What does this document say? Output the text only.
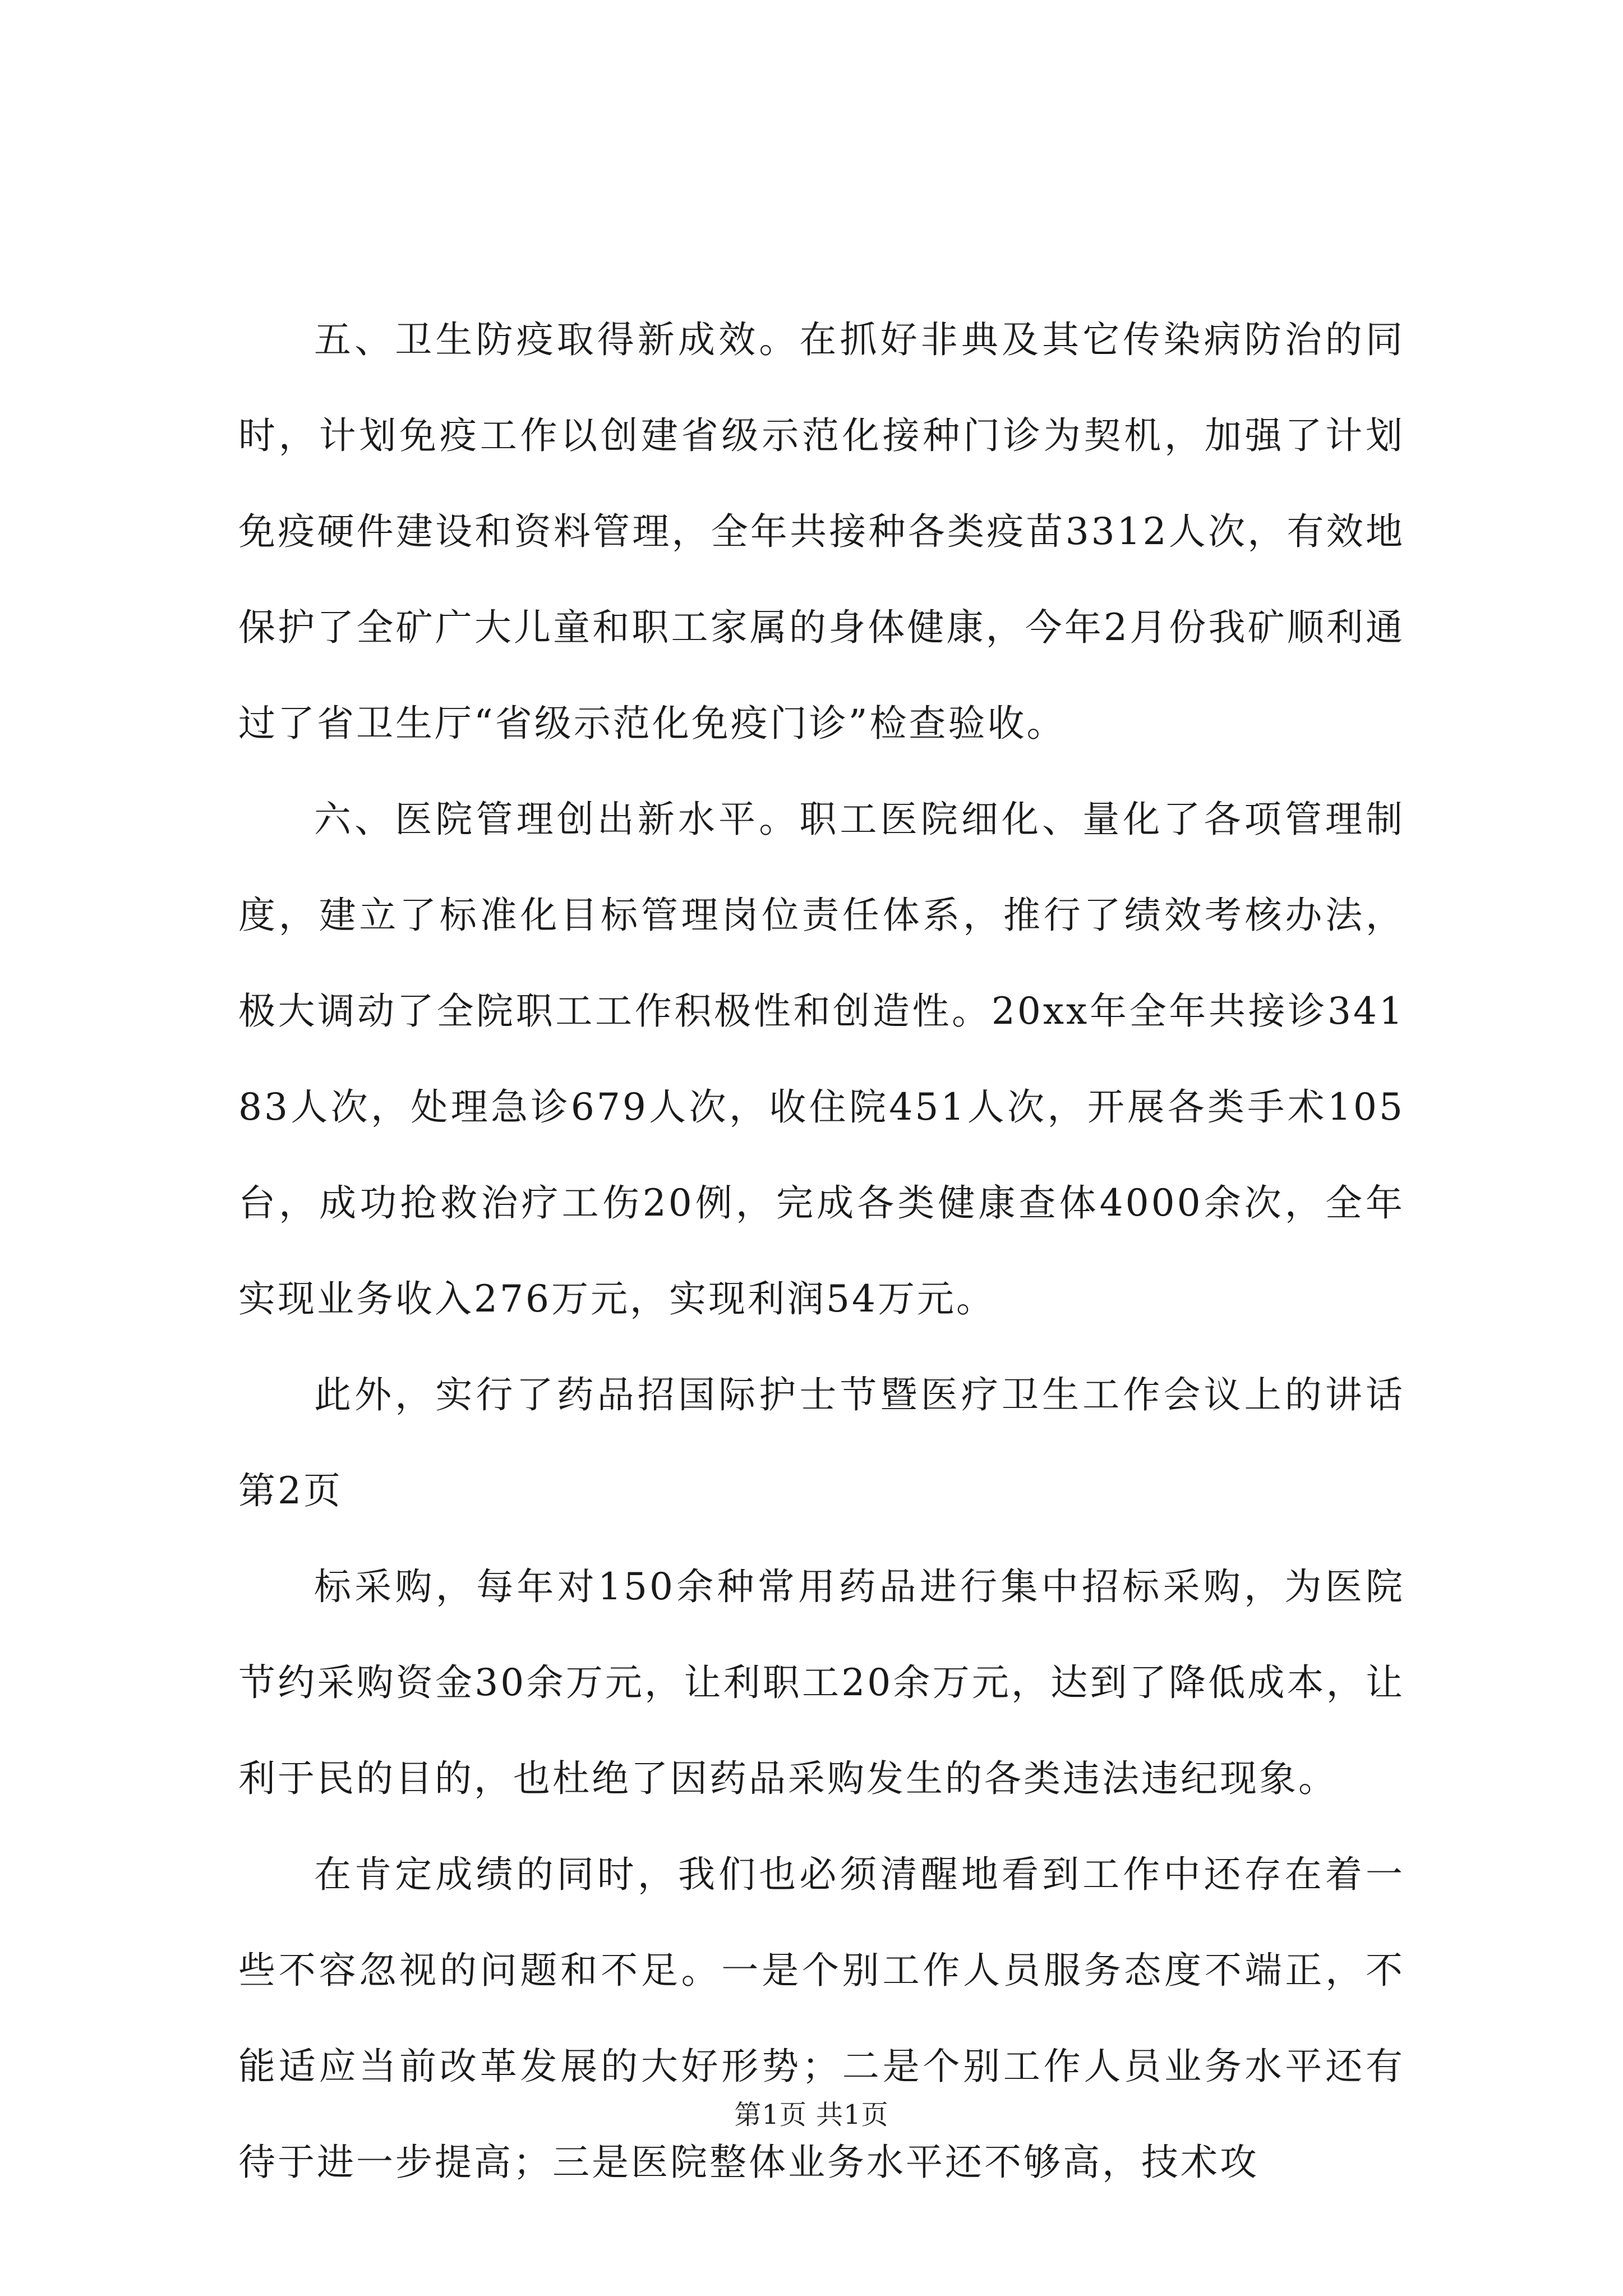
五、卫生防疫取得新成效。在抓好非典及其它传染病防治的同时，计划免疫工作以创建省级示范化接种门诊为契机，加强了计划免疫硬件建设和资料管理，全年共接种各类疫苗3312人次，有效地保护了全矿广大儿童和职工家属的身体健康，今年2月份我矿顺利通过了省卫生厅“省级示范化免疫门诊”检查验收。

六、医院管理创出新水平。职工医院细化、量化了各项管理制度，建立了标准化目标管理岗位责任体系，推行了绩效考核办法，极大调动了全院职工工作积极性和创造性。20xx年全年共接诊34183人次，处理急诊679人次，收住院451人次，开展各类手术105台，成功抢救治疗工伤20例，完成各类健康查体4000余次，全年实现业务收入276万元，实现利润54万元。

此外，实行了药品招国际护士节暨医疗卫生工作会议上的讲话第2页

标采购，每年对150余种常用药品进行集中招标采购，为医院节约采购资金30余万元，让利职工20余万元，达到了降低成本，让利于民的目的，也杜绝了因药品采购发生的各类违法违纪现象。

在肯定成绩的同时，我们也必须清醒地看到工作中还存在着一些不容忽视的问题和不足。一是个别工作人员服务态度不端正，不能适应当前改革发展的大好形势；二是个别工作人员业务水平还有待于进一步提高；三是医院整体业务水平还不够高，技术攻

第1页 共1页
